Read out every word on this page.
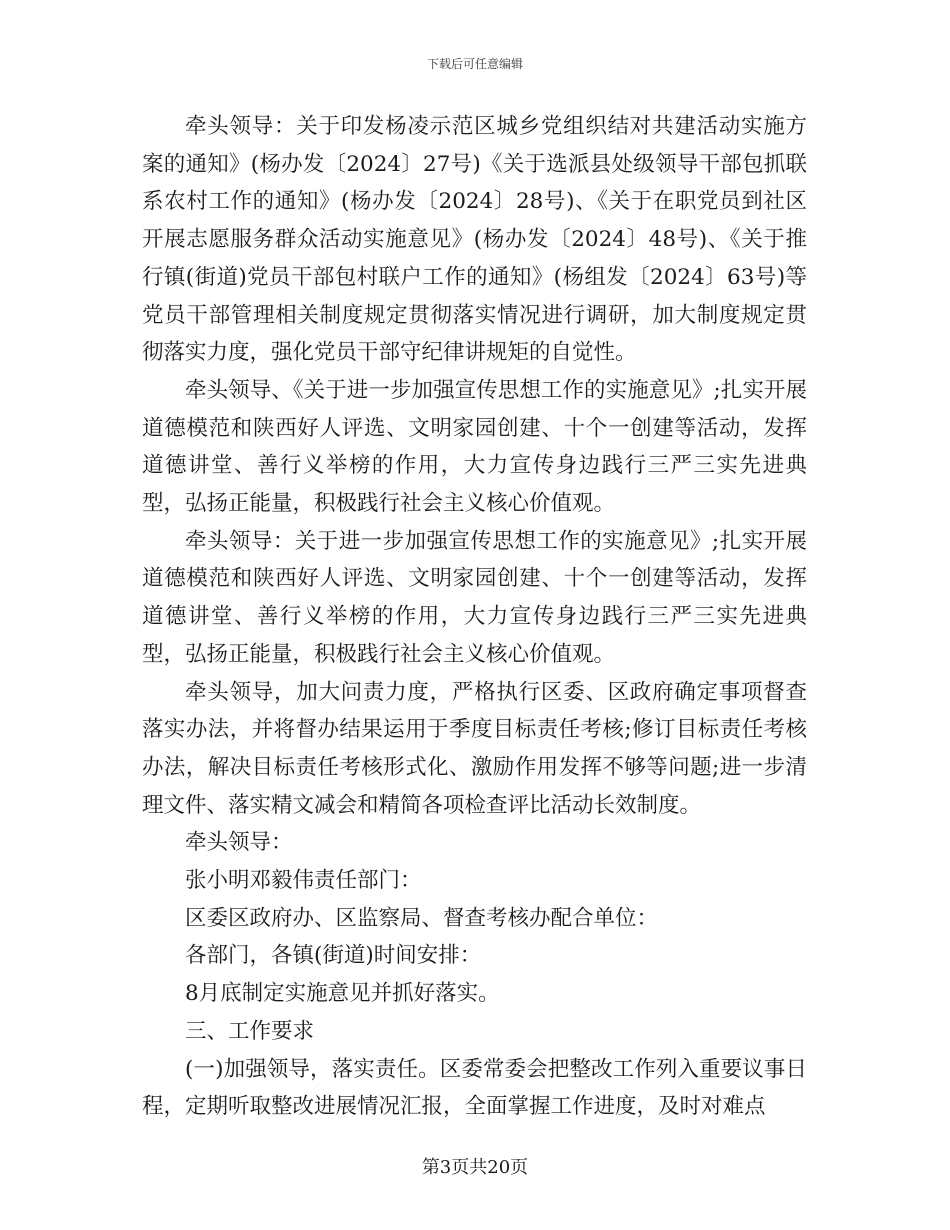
下载后可任意编辑

牵头领导：关于印发杨凌示范区城乡党组织结对共建活动实施方案的通知》(杨办发〔2024〕27号)《关于选派县处级领导干部包抓联系农村工作的通知》(杨办发〔2024〕28号)、《关于在职党员到社区开展志愿服务群众活动实施意见》(杨办发〔2024〕48号)、《关于推行镇(街道)党员干部包村联户工作的通知》(杨组发〔2024〕63号)等党员干部管理相关制度规定贯彻落实情况进行调研，加大制度规定贯彻落实力度，强化党员干部守纪律讲规矩的自觉性。

牵头领导、《关于进一步加强宣传思想工作的实施意见》;扎实开展道德模范和陕西好人评选、文明家园创建、十个一创建等活动，发挥道德讲堂、善行义举榜的作用，大力宣传身边践行三严三实先进典型，弘扬正能量，积极践行社会主义核心价值观。

牵头领导：关于进一步加强宣传思想工作的实施意见》;扎实开展道德模范和陕西好人评选、文明家园创建、十个一创建等活动，发挥道德讲堂、善行义举榜的作用，大力宣传身边践行三严三实先进典型，弘扬正能量，积极践行社会主义核心价值观。

牵头领导，加大问责力度，严格执行区委、区政府确定事项督查落实办法，并将督办结果运用于季度目标责任考核;修订目标责任考核办法，解决目标责任考核形式化、激励作用发挥不够等问题;进一步清理文件、落实精文减会和精简各项检查评比活动长效制度。

牵头领导：

张小明邓毅伟责任部门：

区委区政府办、区监察局、督查考核办配合单位：

各部门，各镇(街道)时间安排：

8月底制定实施意见并抓好落实。

三、工作要求

(一)加强领导，落实责任。区委常委会把整改工作列入重要议事日程，定期听取整改进展情况汇报，全面掌握工作进度，及时对难点

第3页共20页
